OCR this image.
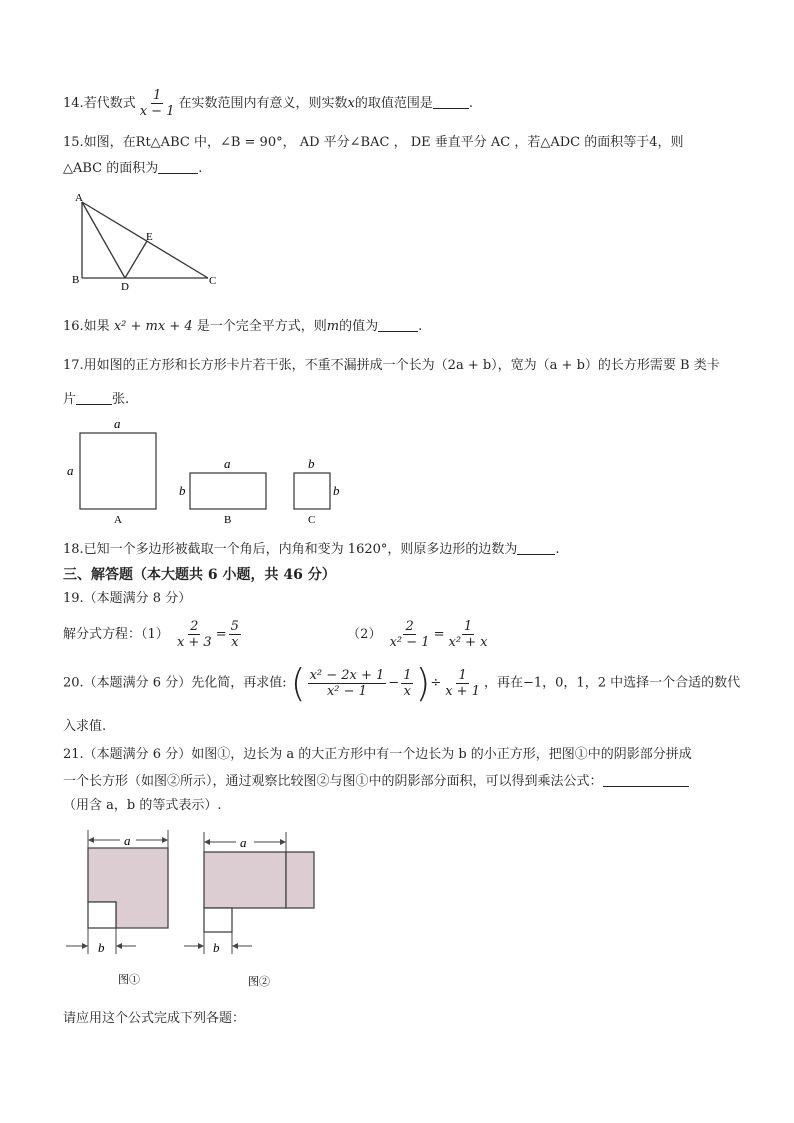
14.若代数式 $\frac{1}{x - 1}$ 在实数范围内有意义，则实数x的取值范围是	.
15.如图，在Rt△ABC 中，∠B = 90°， AD 平分∠BAC ， DE 垂直平分 AC ，若△ADC 的面积等于4，则
△ABC 的面积为	.
A
B	C
D
E
16.如果 x² + mx + 4 是一个完全平方式，则m的值为	.
17.用如图的正方形和长方形卡片若干张，不重不漏拼成一个长为（2a + b），宽为（a + b）的长方形需要 B 类卡
片	张.
a
a
A
a
b
B
b
b
C
18.已知一个多边形被截取一个角后，内角和变为 1620°，则原多边形的边数为	.
三、解答题（本大题共 6 小题，共 46 分）
19.（本题满分 8 分）
解分式方程：$(1) \frac{2}{x + 3} = \frac{5}{x}$	$(2) \frac{2}{\text{x² − 1}} = \frac{1}{\text{x² + x}}$
20.（本题满分 6 分）先化简，再求值: ( $\frac{\text{x² − 2x + 1}}{\text{x² − 1}} - \frac{1}{x}$ )÷ $\frac{1}{x + 1}$ ，再在−1，0，1，2 中选择一个合适的数代
入求值.
21.（本题满分 6 分）如图①，边长为 a 的大正方形中有一个边长为 b 的小正方形，把图①中的阴影部分拼成
一个长方形（如图②所示），通过观察比较图②与图①中的阴影部分面积，可以得到乘法公式：
（用含 a，b 的等式表示）.
a
b
图①
a
b
图②
请应用这个公式完成下列各题：
